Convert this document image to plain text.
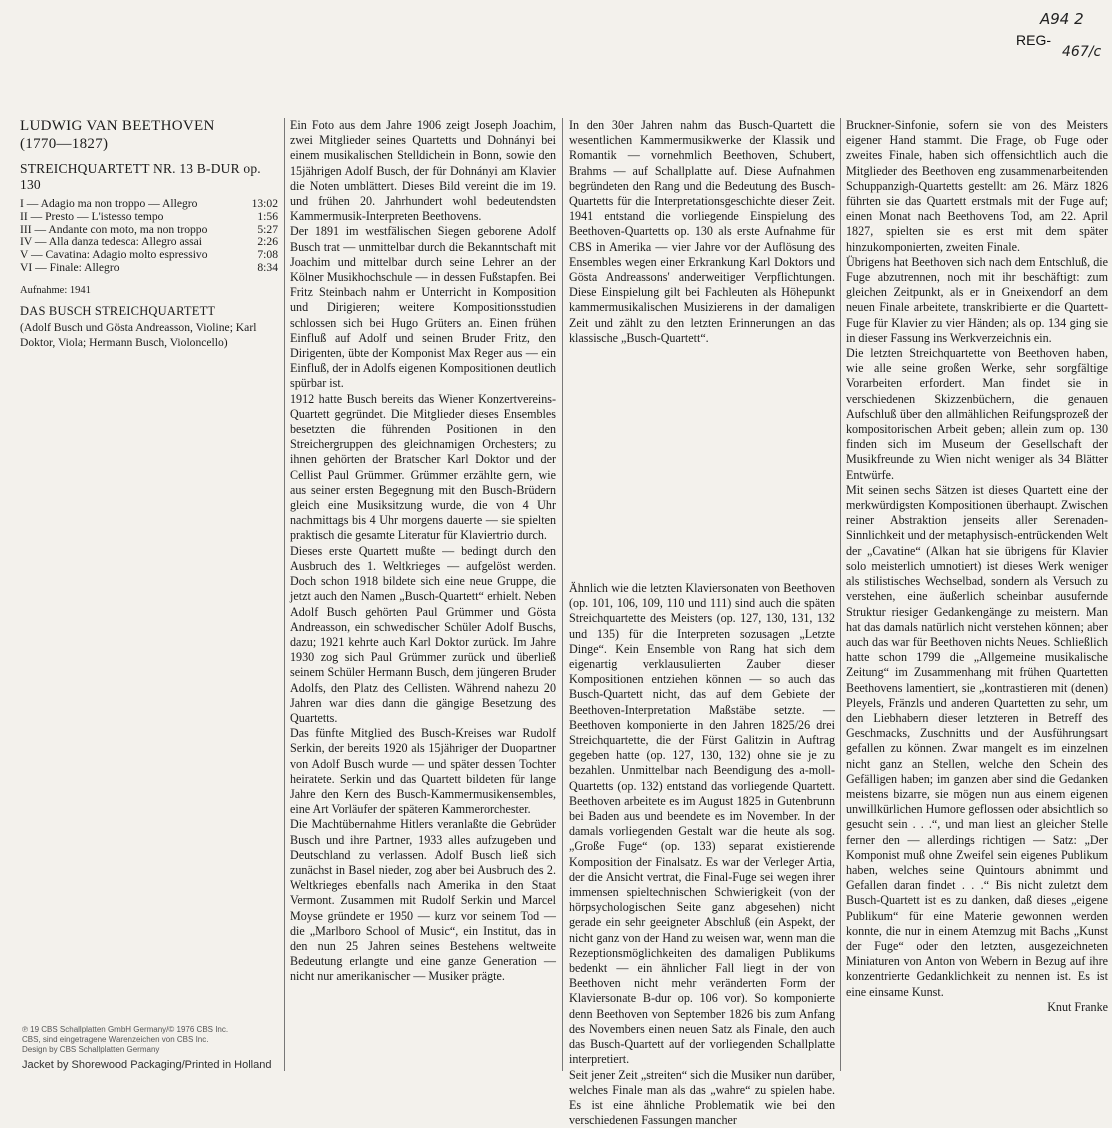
A94 2
REG-
467/c
LUDWIG VAN BEETHOVEN
(1770—1827)
STREICHQUARTETT NR. 13 B-DUR op. 130
I — Adagio ma non troppo — Allegro	13:02
II — Presto — L'istesso tempo	1:56
III — Andante con moto, ma non troppo	5:27
IV — Alla danza tedesca: Allegro assai	2:26
V — Cavatina: Adagio molto espressivo	7:08
VI — Finale: Allegro	8:34
Aufnahme: 1941
DAS BUSCH STREICHQUARTETT
(Adolf Busch und Gösta Andreasson, Violine; Karl Doktor, Viola; Hermann Busch, Violoncello)

Ein Foto aus dem Jahre 1906 zeigt Joseph Joachim, zwei Mitglieder seines Quartetts und Dohnányi bei einem musikalischen Stelldichein in Bonn, sowie den 15jährigen Adolf Busch, der für Dohnányi am Klavier die Noten umblättert. Dieses Bild vereint die im 19. und frühen 20. Jahrhundert wohl bedeutendsten Kammermusik-Interpreten Beethovens.

Der 1891 im westfälischen Siegen geborene Adolf Busch trat — unmittelbar durch die Bekanntschaft mit Joachim und mittelbar durch seine Lehrer an der Kölner Musikhochschule — in dessen Fußstapfen. Bei Fritz Steinbach nahm er Unterricht in Komposition und Dirigieren; weitere Kompositionsstudien schlossen sich bei Hugo Grüters an. Einen frühen Einfluß auf Adolf und seinen Bruder Fritz, den Dirigenten, übte der Komponist Max Reger aus — ein Einfluß, der in Adolfs eigenen Kompositionen deutlich spürbar ist.

1912 hatte Busch bereits das Wiener Konzertvereins-Quartett gegründet. Die Mitglieder dieses Ensembles besetzten die führenden Positionen in den Streichergruppen des gleichnamigen Orchesters; zu ihnen gehörten der Bratscher Karl Doktor und der Cellist Paul Grümmer. Grümmer erzählte gern, wie aus seiner ersten Begegnung mit den Busch-Brüdern gleich eine Musiksitzung wurde, die von 4 Uhr nachmittags bis 4 Uhr morgens dauerte — sie spielten praktisch die gesamte Literatur für Klaviertrio durch.

Dieses erste Quartett mußte — bedingt durch den Ausbruch des 1. Weltkrieges — aufgelöst werden. Doch schon 1918 bildete sich eine neue Gruppe, die jetzt auch den Namen „Busch-Quartett“ erhielt. Neben Adolf Busch gehörten Paul Grümmer und Gösta Andreasson, ein schwedischer Schüler Adolf Buschs, dazu; 1921 kehrte auch Karl Doktor zurück. Im Jahre 1930 zog sich Paul Grümmer zurück und überließ seinem Schüler Hermann Busch, dem jüngeren Bruder Adolfs, den Platz des Cellisten. Während nahezu 20 Jahren war dies dann die gängige Besetzung des Quartetts.

Das fünfte Mitglied des Busch-Kreises war Rudolf Serkin, der bereits 1920 als 15jähriger der Duopartner von Adolf Busch wurde — und später dessen Tochter heiratete. Serkin und das Quartett bildeten für lange Jahre den Kern des Busch-Kammermusikensembles, eine Art Vorläufer der späteren Kammerorchester.

Die Machtübernahme Hitlers veranlaßte die Gebrüder Busch und ihre Partner, 1933 alles aufzugeben und Deutschland zu verlassen. Adolf Busch ließ sich zunächst in Basel nieder, zog aber bei Ausbruch des 2. Weltkrieges ebenfalls nach Amerika in den Staat Vermont. Zusammen mit Rudolf Serkin und Marcel Moyse gründete er 1950 — kurz vor seinem Tod — die „Marlboro School of Music“, ein Institut, das in den nun 25 Jahren seines Bestehens weltweite Bedeutung erlangte und eine ganze Generation — nicht nur amerikanischer — Musiker prägte.

In den 30er Jahren nahm das Busch-Quartett die wesentlichen Kammermusikwerke der Klassik und Romantik — vornehmlich Beethoven, Schubert, Brahms — auf Schallplatte auf. Diese Aufnahmen begründeten den Rang und die Bedeutung des Busch-Quartetts für die Interpretationsgeschichte dieser Zeit. 1941 entstand die vorliegende Einspielung des Beethoven-Quartetts op. 130 als erste Aufnahme für CBS in Amerika — vier Jahre vor der Auflösung des Ensembles wegen einer Erkrankung Karl Doktors und Gösta Andreassons' anderweitiger Verpflichtungen. Diese Einspielung gilt bei Fachleuten als Höhepunkt kammermusikalischen Musizierens in der damaligen Zeit und zählt zu den letzten Erinnerungen an das klassische „Busch-Quartett“.

Ähnlich wie die letzten Klaviersonaten von Beethoven (op. 101, 106, 109, 110 und 111) sind auch die späten Streichquartette des Meisters (op. 127, 130, 131, 132 und 135) für die Interpreten sozusagen „Letzte Dinge“. Kein Ensemble von Rang hat sich dem eigenartig verklausulierten Zauber dieser Kompositionen entziehen können — so auch das Busch-Quartett nicht, das auf dem Gebiete der Beethoven-Interpretation Maßstäbe setzte. — Beethoven komponierte in den Jahren 1825/26 drei Streichquartette, die der Fürst Galitzin in Auftrag gegeben hatte (op. 127, 130, 132) ohne sie je zu bezahlen. Unmittelbar nach Beendigung des a-moll-Quartetts (op. 132) entstand das vorliegende Quartett. Beethoven arbeitete es im August 1825 in Gutenbrunn bei Baden aus und beendete es im November. In der damals vorliegenden Gestalt war die heute als sog. „Große Fuge“ (op. 133) separat existierende Komposition der Finalsatz. Es war der Verleger Artia, der die Ansicht vertrat, die Final-Fuge sei wegen ihrer immensen spieltechnischen Schwierigkeit (von der hörpsychologischen Seite ganz abgesehen) nicht gerade ein sehr geeigneter Abschluß (ein Aspekt, der nicht ganz von der Hand zu weisen war, wenn man die Rezeptionsmöglichkeiten des damaligen Publikums bedenkt — ein ähnlicher Fall liegt in der von Beethoven nicht mehr veränderten Form der Klaviersonate B-dur op. 106 vor). So komponierte denn Beethoven von September 1826 bis zum Anfang des Novembers einen neuen Satz als Finale, den auch das Busch-Quartett auf der vorliegenden Schallplatte interpretiert.

Seit jener Zeit „streiten“ sich die Musiker nun darüber, welches Finale man als das „wahre“ zu spielen habe. Es ist eine ähnliche Problematik wie bei den verschiedenen Fassungen mancher

Bruckner-Sinfonie, sofern sie von des Meisters eigener Hand stammt. Die Frage, ob Fuge oder zweites Finale, haben sich offensichtlich auch die Mitglieder des Beethoven eng zusammenarbeitenden Schuppanzigh-Quartetts gestellt: am 26. März 1826 führten sie das Quartett erstmals mit der Fuge auf; einen Monat nach Beethovens Tod, am 22. April 1827, spielten sie es erst mit dem später hinzukomponierten, zweiten Finale.

Übrigens hat Beethoven sich nach dem Entschluß, die Fuge abzutrennen, noch mit ihr beschäftigt: zum gleichen Zeitpunkt, als er in Gneixendorf an dem neuen Finale arbeitete, transkribierte er die Quartett-Fuge für Klavier zu vier Händen; als op. 134 ging sie in dieser Fassung ins Werkverzeichnis ein.

Die letzten Streichquartette von Beethoven haben, wie alle seine großen Werke, sehr sorgfältige Vorarbeiten erfordert. Man findet sie in verschiedenen Skizzenbüchern, die genauen Aufschluß über den allmählichen Reifungsprozeß der kompositorischen Arbeit geben; allein zum op. 130 finden sich im Museum der Gesellschaft der Musikfreunde zu Wien nicht weniger als 34 Blätter Entwürfe.

Mit seinen sechs Sätzen ist dieses Quartett eine der merkwürdigsten Kompositionen überhaupt. Zwischen reiner Abstraktion jenseits aller Serenaden-Sinnlichkeit und der metaphysisch-entrückenden Welt der „Cavatine“ (Alkan hat sie übrigens für Klavier solo meisterlich umnotiert) ist dieses Werk weniger als stilistisches Wechselbad, sondern als Versuch zu verstehen, eine äußerlich scheinbar ausufernde Struktur riesiger Gedankengänge zu meistern. Man hat das damals natürlich nicht verstehen können; aber auch das war für Beethoven nichts Neues. Schließlich hatte schon 1799 die „Allgemeine musikalische Zeitung“ im Zusammenhang mit frühen Quartetten Beethovens lamentiert, sie „kontrastieren mit (denen) Pleyels, Fränzls und anderen Quartetten zu sehr, um den Liebhabern dieser letzteren in Betreff des Geschmacks, Zuschnitts und der Ausführungsart gefallen zu können. Zwar mangelt es im einzelnen nicht ganz an Stellen, welche den Schein des Gefälligen haben; im ganzen aber sind die Gedanken meistens bizarre, sie mögen nun aus einem eigenen unwillkürlichen Humore geflossen oder absichtlich so gesucht sein . . .“, und man liest an gleicher Stelle ferner den — allerdings richtigen — Satz: „Der Komponist muß ohne Zweifel sein eigenes Publikum haben, welches seine Quintours abnimmt und Gefallen daran findet . . .“ Bis nicht zuletzt dem Busch-Quartett ist es zu danken, daß dieses „eigene Publikum“ für eine Materie gewonnen werden konnte, die nur in einem Atemzug mit Bachs „Kunst der Fuge“ oder den letzten, ausgezeichneten Miniaturen von Anton von Webern in Bezug auf ihre konzentrierte Gedanklichkeit zu nennen ist. Es ist eine einsame Kunst.

Knut Franke

℗ 19 CBS Schallplatten GmbH Germany/© 1976 CBS Inc.
CBS, sind eingetragene Warenzeichen von CBS Inc.
Design by CBS Schallplatten Germany
Jacket by Shorewood Packaging/Printed in Holland
